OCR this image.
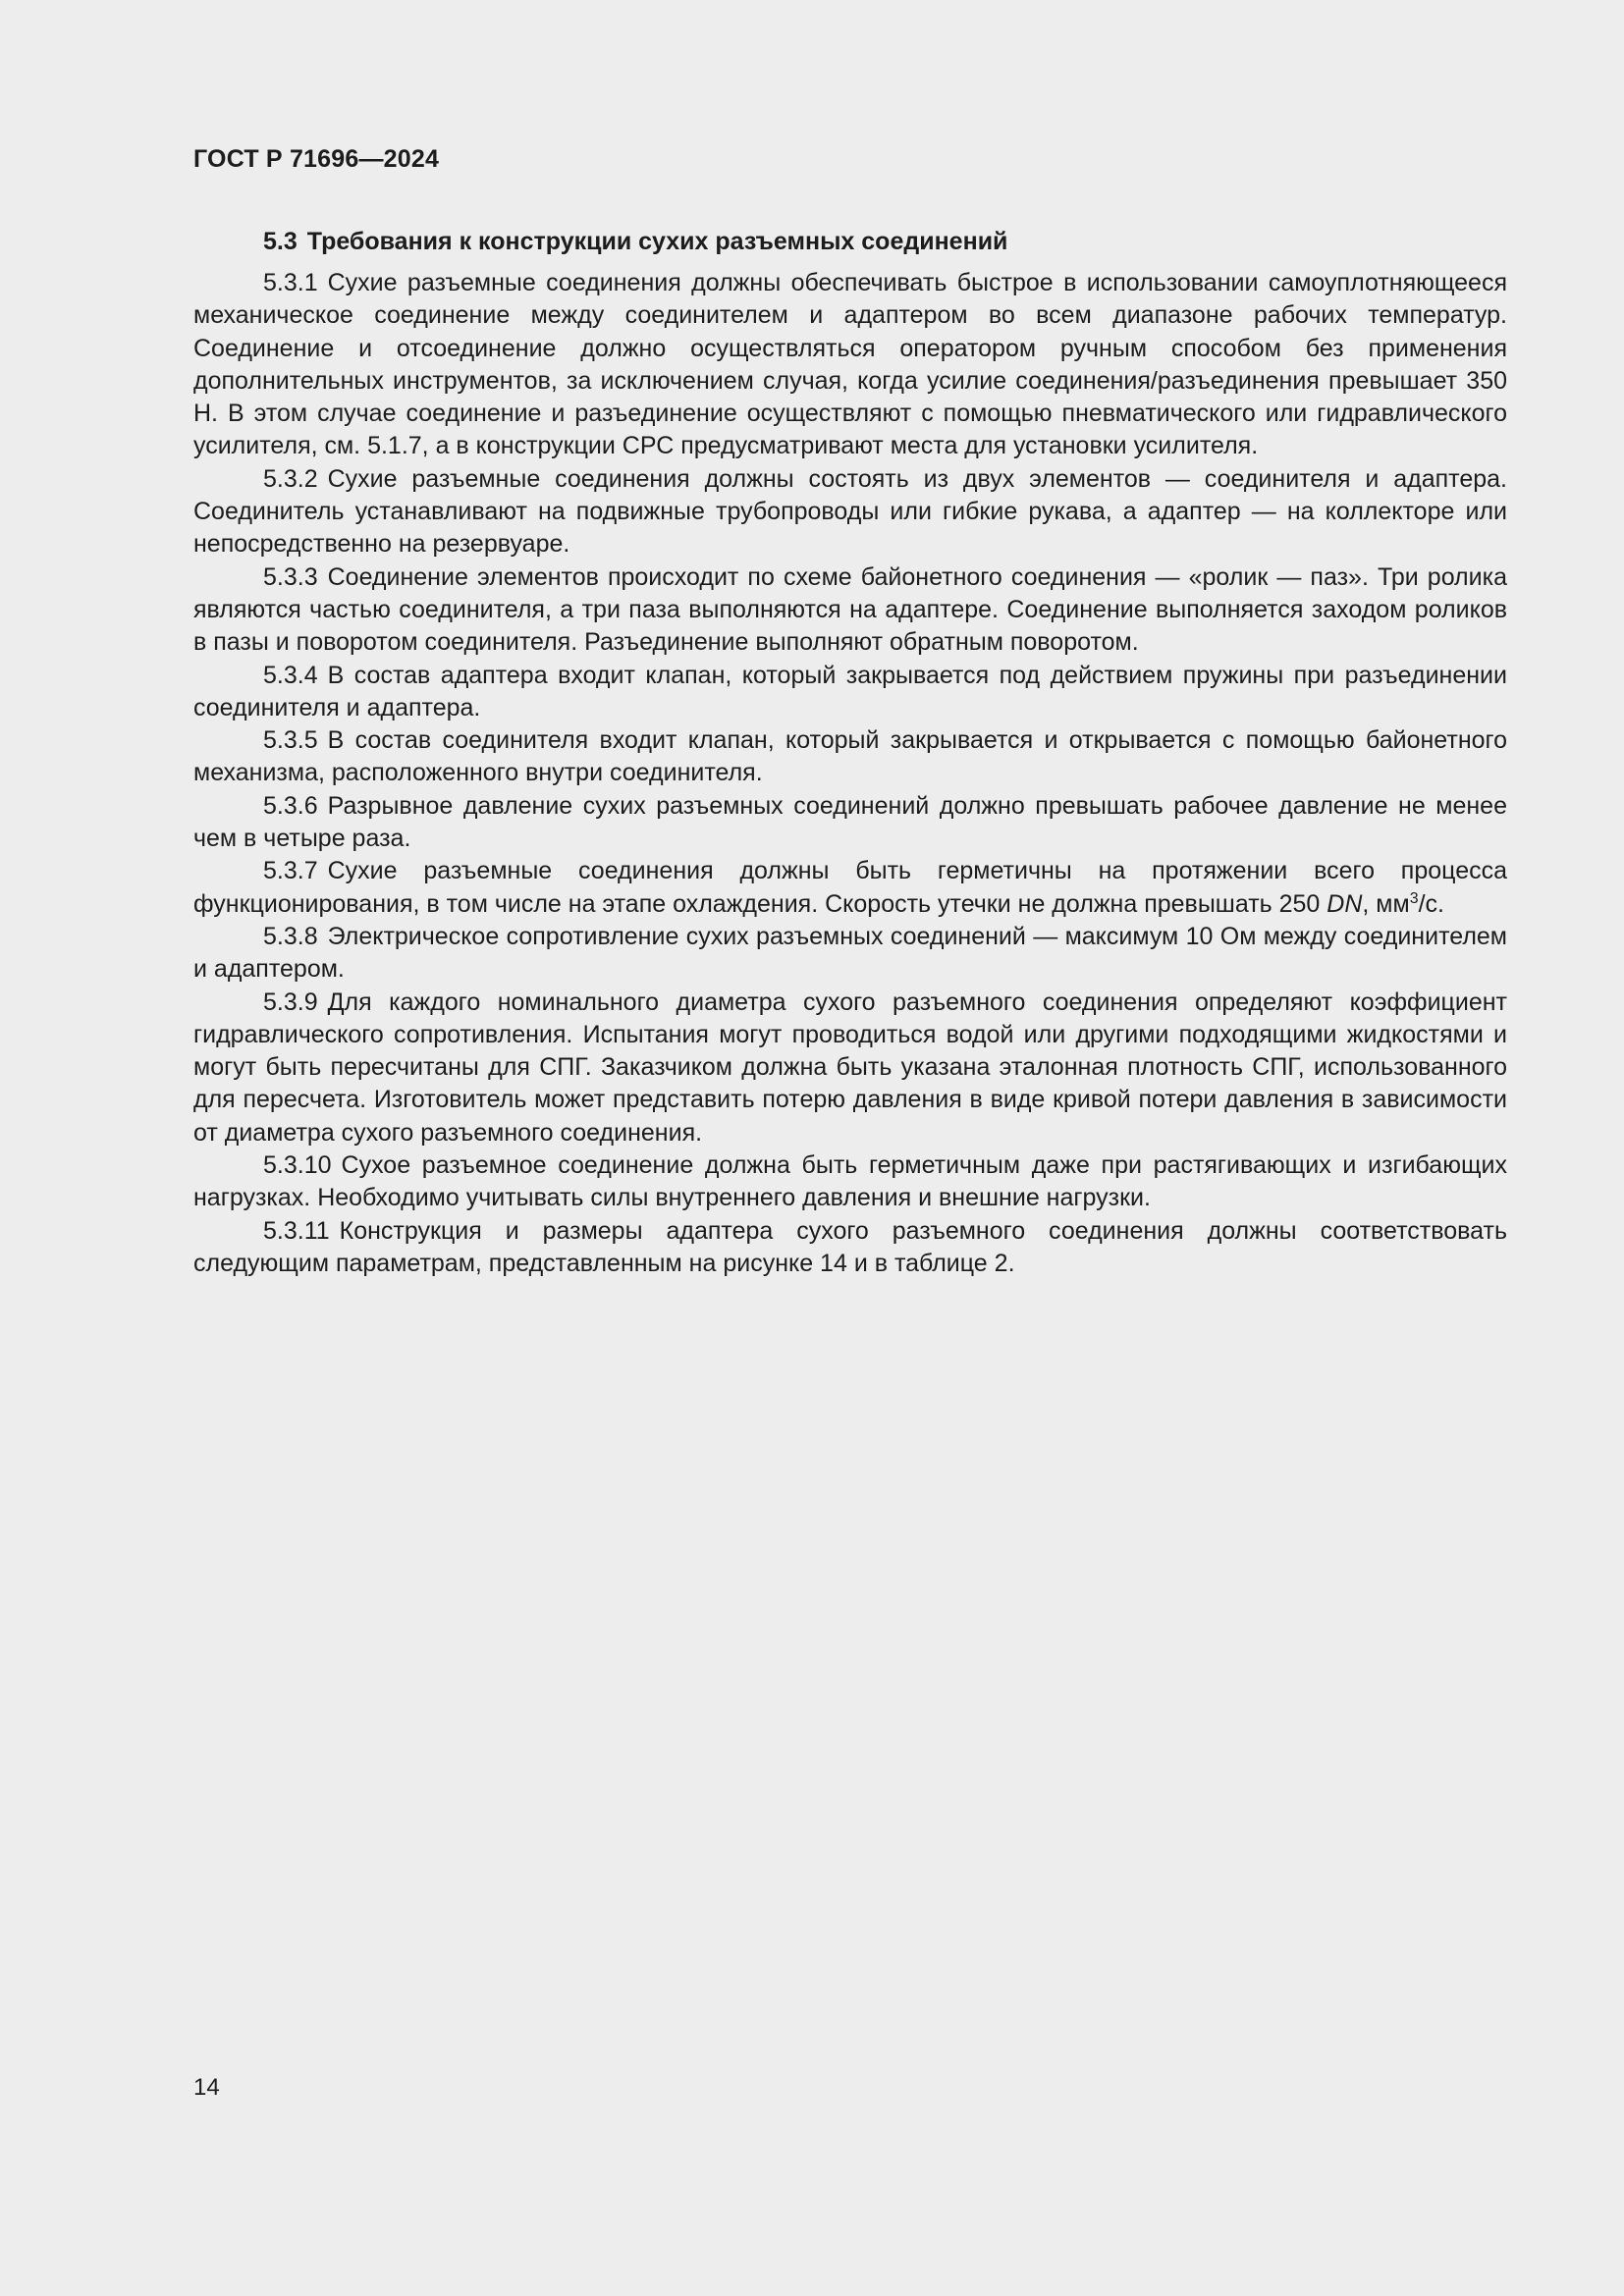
ГОСТ Р 71696—2024
5.3 Требования к конструкции сухих разъемных соединений

5.3.1 Сухие разъемные соединения должны обеспечивать быстрое в использовании самоуплотняющееся механическое соединение между соединителем и адаптером во всем диапазоне рабочих температур. Соединение и отсоединение должно осуществляться оператором ручным способом без применения дополнительных инструментов, за исключением случая, когда усилие соединения/разъединения превышает 350 Н. В этом случае соединение и разъединение осуществляют с помощью пневматического или гидравлического усилителя, см. 5.1.7, а в конструкции СРС предусматривают места для установки усилителя.

5.3.2 Сухие разъемные соединения должны состоять из двух элементов — соединителя и адаптера. Соединитель устанавливают на подвижные трубопроводы или гибкие рукава, а адаптер — на коллекторе или непосредственно на резервуаре.

5.3.3 Соединение элементов происходит по схеме байонетного соединения — «ролик — паз». Три ролика являются частью соединителя, а три паза выполняются на адаптере. Соединение выполняется заходом роликов в пазы и поворотом соединителя. Разъединение выполняют обратным поворотом.

5.3.4 В состав адаптера входит клапан, который закрывается под действием пружины при разъединении соединителя и адаптера.

5.3.5 В состав соединителя входит клапан, который закрывается и открывается с помощью байонетного механизма, расположенного внутри соединителя.

5.3.6 Разрывное давление сухих разъемных соединений должно превышать рабочее давление не менее чем в четыре раза.

5.3.7 Сухие разъемные соединения должны быть герметичны на протяжении всего процесса функционирования, в том числе на этапе охлаждения. Скорость утечки не должна превышать 250 DN, $мм^3/с$.

5.3.8 Электрическое сопротивление сухих разъемных соединений — максимум 10 Ом между соединителем и адаптером.

5.3.9 Для каждого номинального диаметра сухого разъемного соединения определяют коэффициент гидравлического сопротивления. Испытания могут проводиться водой или другими подходящими жидкостями и могут быть пересчитаны для СПГ. Заказчиком должна быть указана эталонная плотность СПГ, использованного для пересчета. Изготовитель может представить потерю давления в виде кривой потери давления в зависимости от диаметра сухого разъемного соединения.

5.3.10 Сухое разъемное соединение должна быть герметичным даже при растягивающих и изгибающих нагрузках. Необходимо учитывать силы внутреннего давления и внешние нагрузки.

5.3.11 Конструкция и размеры адаптера сухого разъемного соединения должны соответствовать следующим параметрам, представленным на рисунке 14 и в таблице 2.

14
